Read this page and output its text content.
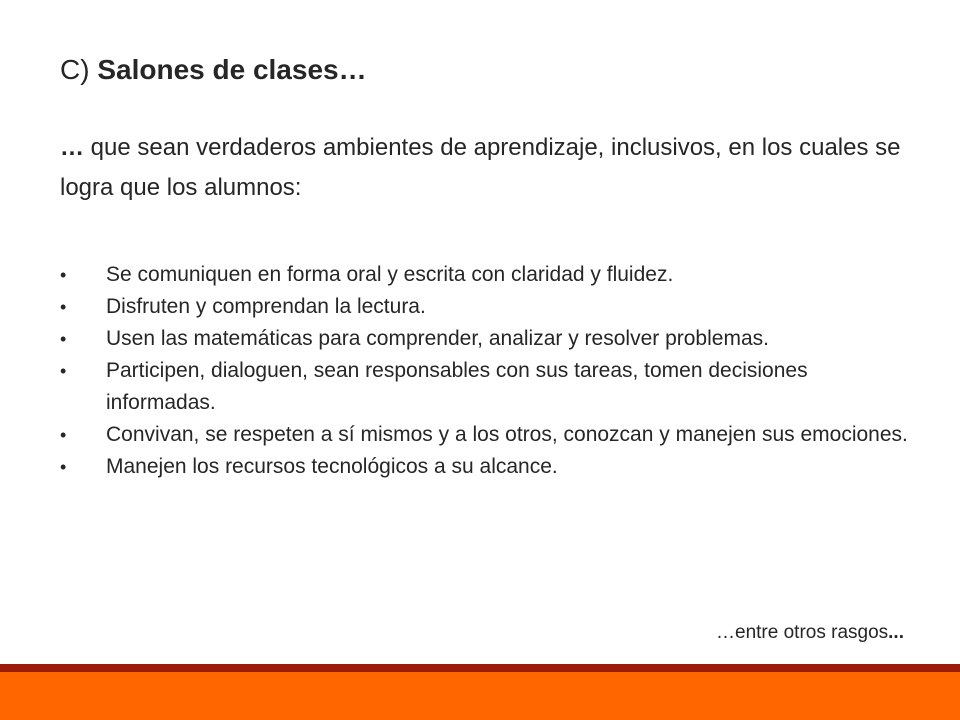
C) Salones de clases…
… que sean verdaderos ambientes de aprendizaje, inclusivos, en los cuales se logra que los alumnos:
•	Se comuniquen en forma oral y escrita con claridad y fluidez.
•	Disfruten y comprendan la lectura.
•	Usen las matemáticas para comprender, analizar y resolver problemas.
•	Participen, dialoguen, sean responsables con sus tareas, tomen decisiones informadas.
•	Convivan, se respeten a sí mismos y a los otros, conozcan y manejen sus emociones.
•	Manejen los recursos tecnológicos a su alcance.
…entre otros rasgos...
